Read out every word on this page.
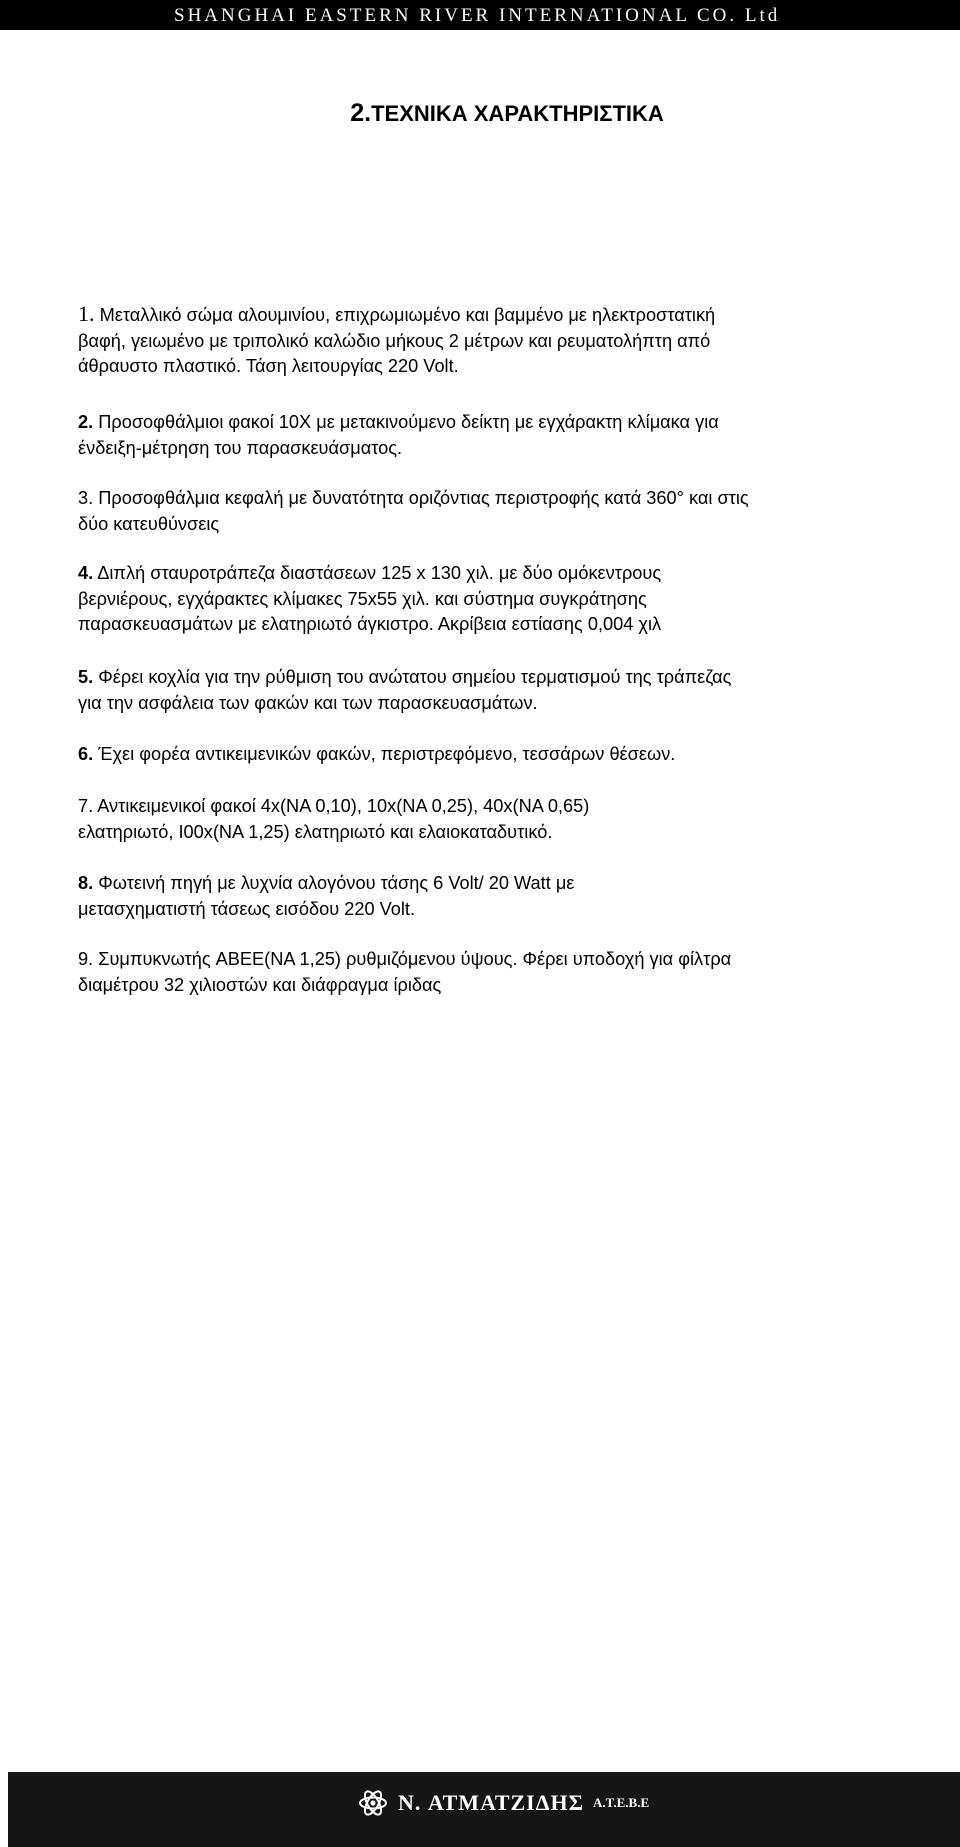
SHANGHAI EASTERN RIVER INTERNATIONAL CO. Ltd
2.ΤΕΧΝΙΚΑ ΧΑΡΑΚΤΗΡΙΣΤΙΚΑ
1. Μεταλλικό σώμα αλουμινίου, επιχρωμιωμένο και βαμμένο με ηλεκτροστατική
βαφή, γειωμένο με τριπολικό καλώδιο μήκους 2 μέτρων και ρευματολήπτη από
άθραυστο πλαστικό. Τάση λειτουργίας 220 Volt.
2. Προσοφθάλμιοι φακοί 10Χ με μετακινούμενο δείκτη με εγχάρακτη κλίμακα για
ένδειξη-μέτρηση του παρασκευάσματος.
3. Προσοφθάλμια κεφαλή με δυνατότητα οριζόντιας περιστροφής κατά 360° και στις
δύο κατευθύνσεις
4. Διπλή σταυροτράπεζα διαστάσεων 125 x 130 χιλ. με δύο ομόκεντρους
βερνιέρους, εγχάρακτες κλίμακες 75x55 χιλ. και σύστημα συγκράτησης
παρασκευασμάτων με ελατηριωτό άγκιστρο. Ακρίβεια εστίασης 0,004 χιλ
5. Φέρει κοχλία για την ρύθμιση του ανώτατου σημείου τερματισμού της τράπεζας
για την ασφάλεια των φακών και των παρασκευασμάτων.
6. Έχει φορέα αντικειμενικών φακών, περιστρεφόμενο, τεσσάρων θέσεων.
7. Αντικειμενικοί φακοί 4x(NA 0,10), 10x(NA 0,25), 40x(NA 0,65)
ελατηριωτό, I00x(NA 1,25) ελατηριωτό και ελαιοκαταδυτικό.
8. Φωτεινή πηγή με λυχνία αλογόνου τάσης 6 Volt/ 20 Watt με
μετασχηματιστή τάσεως εισόδου 220 Volt.
9. Συμπυκνωτής ABEE(NA 1,25) ρυθμιζόμενου ύψους. Φέρει υποδοχή για φίλτρα
διαμέτρου 32 χιλιοστών και διάφραγμα ίριδας
N. ΑΤΜΑΤΖΙΔΗΣ Α.Τ.Ε.Β.Ε
